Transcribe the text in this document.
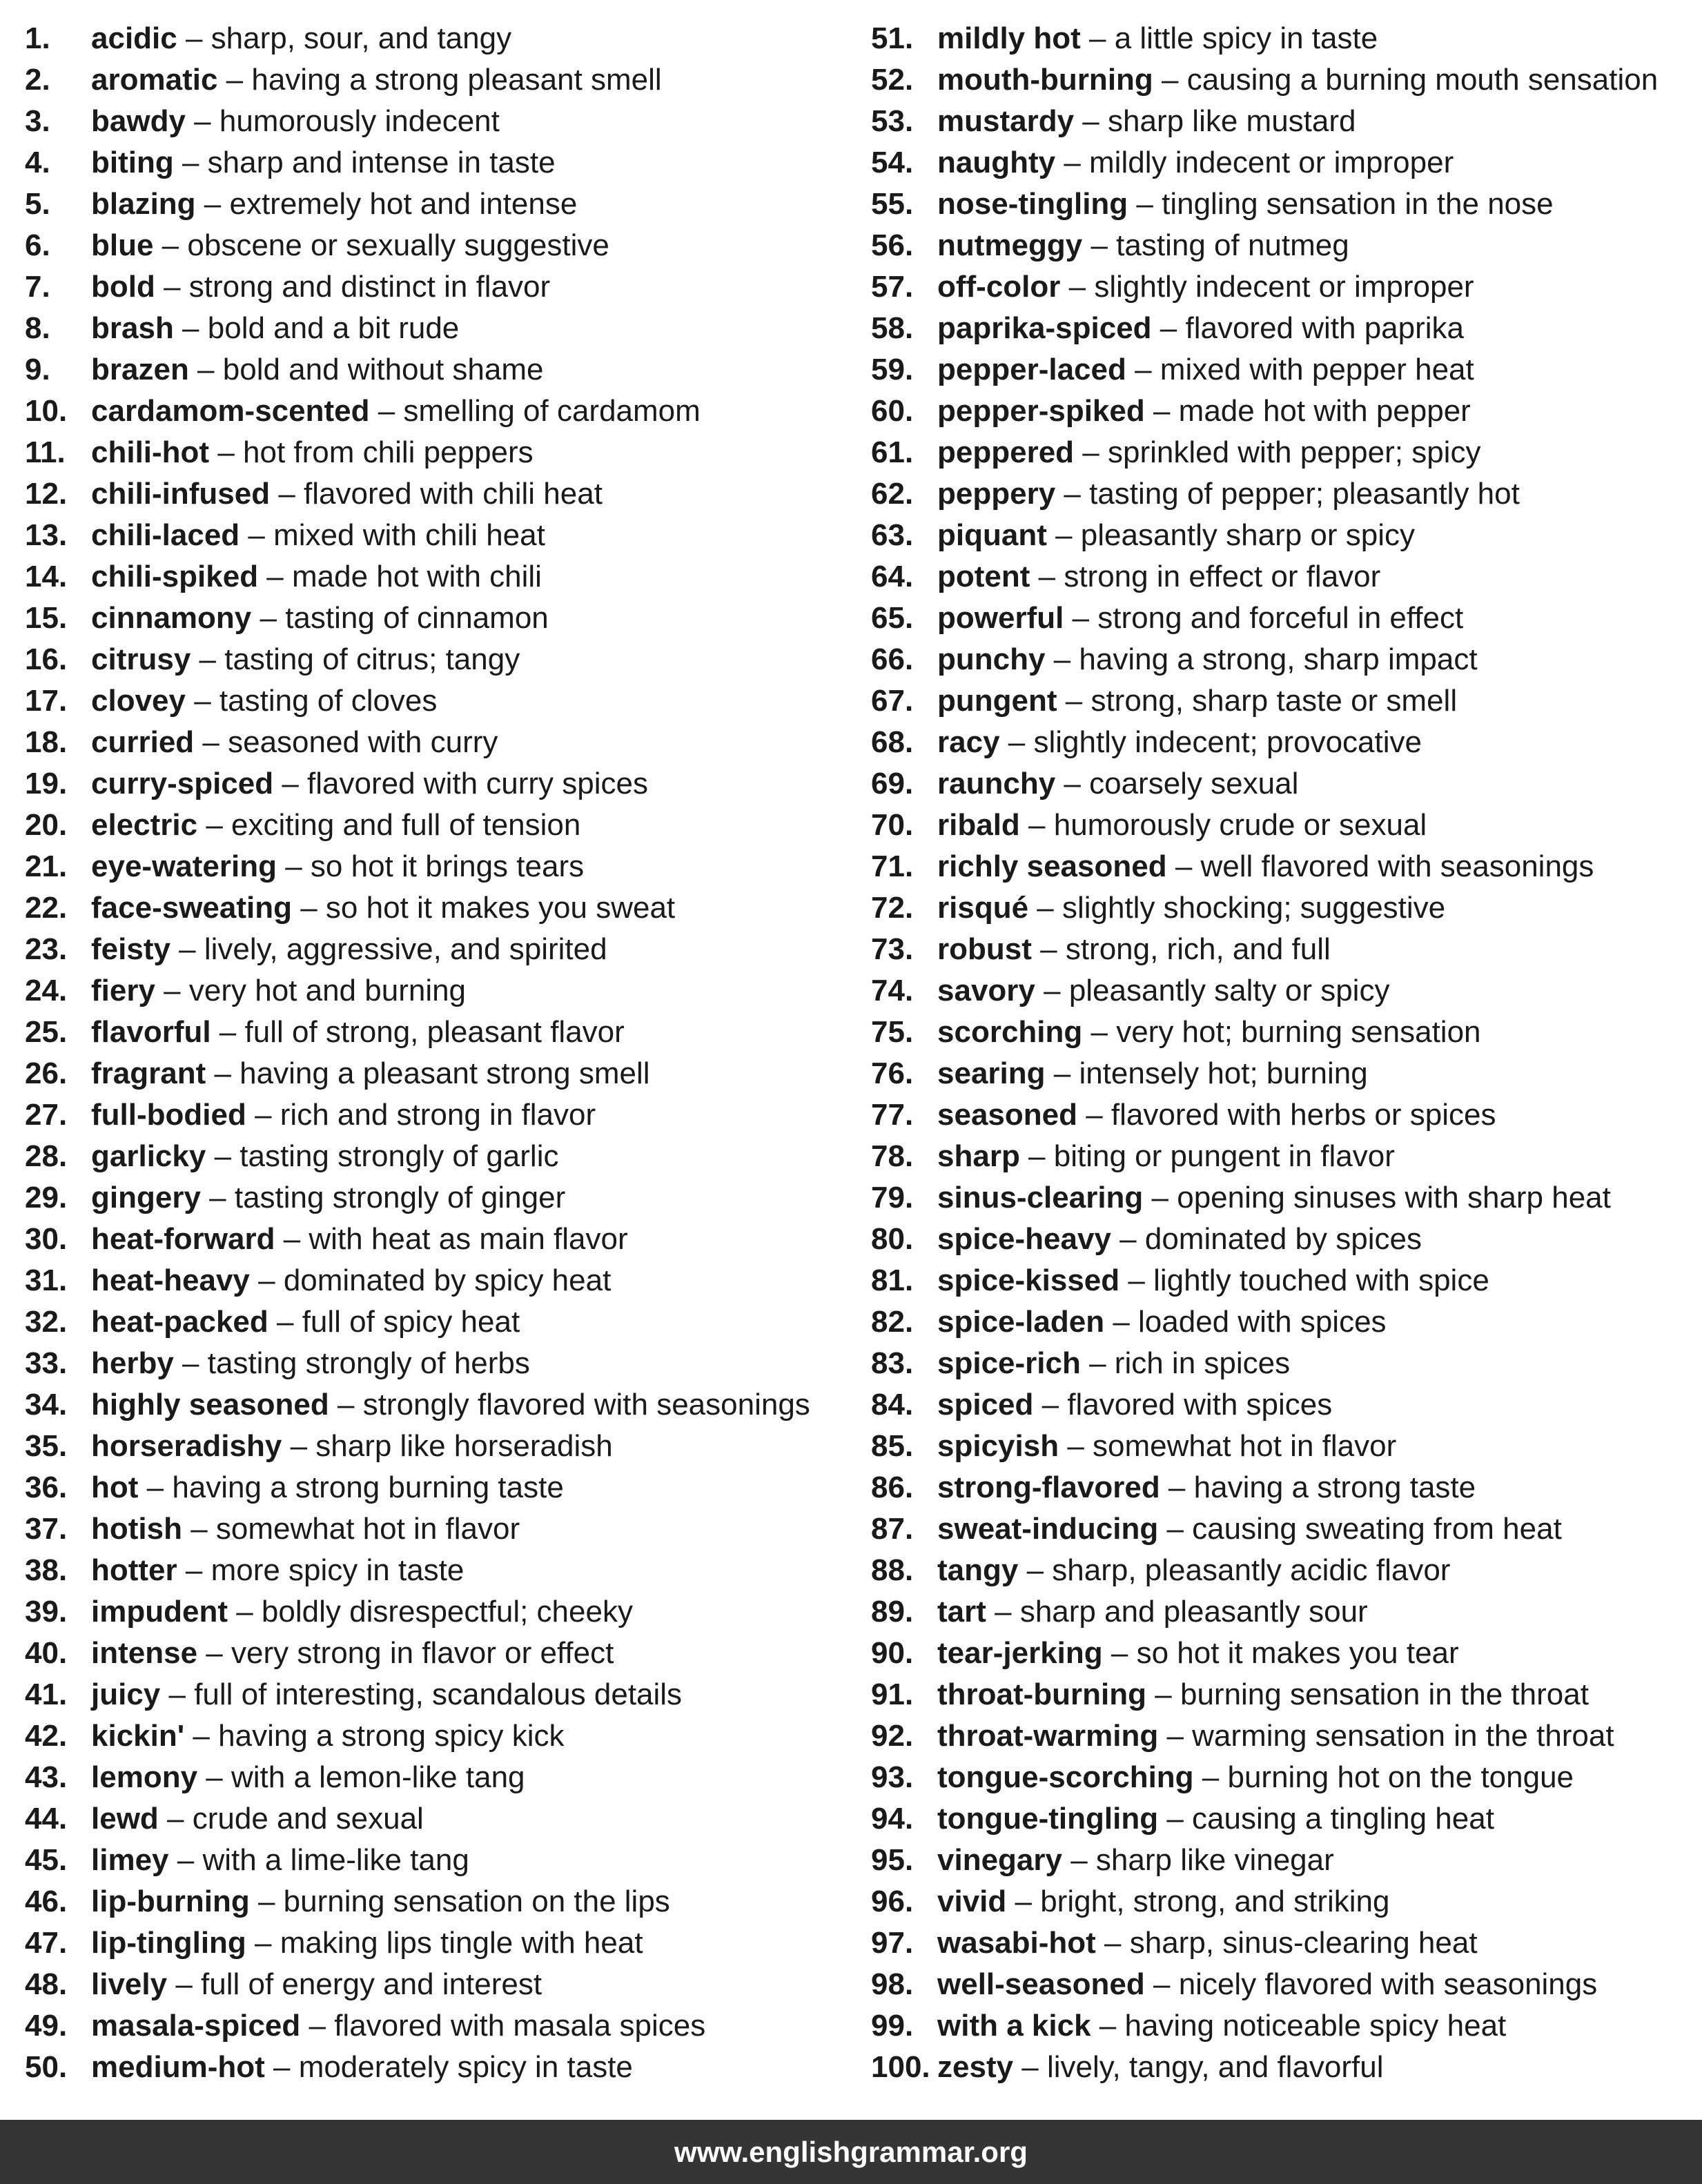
1. acidic – sharp, sour, and tangy
2. aromatic – having a strong pleasant smell
3. bawdy – humorously indecent
4. biting – sharp and intense in taste
5. blazing – extremely hot and intense
6. blue – obscene or sexually suggestive
7. bold – strong and distinct in flavor
8. brash – bold and a bit rude
9. brazen – bold and without shame
10. cardamom-scented – smelling of cardamom
11. chili-hot – hot from chili peppers
12. chili-infused – flavored with chili heat
13. chili-laced – mixed with chili heat
14. chili-spiked – made hot with chili
15. cinnamony – tasting of cinnamon
16. citrusy – tasting of citrus; tangy
17. clovey – tasting of cloves
18. curried – seasoned with curry
19. curry-spiced – flavored with curry spices
20. electric – exciting and full of tension
21. eye-watering – so hot it brings tears
22. face-sweating – so hot it makes you sweat
23. feisty – lively, aggressive, and spirited
24. fiery – very hot and burning
25. flavorful – full of strong, pleasant flavor
26. fragrant – having a pleasant strong smell
27. full-bodied – rich and strong in flavor
28. garlicky – tasting strongly of garlic
29. gingery – tasting strongly of ginger
30. heat-forward – with heat as main flavor
31. heat-heavy – dominated by spicy heat
32. heat-packed – full of spicy heat
33. herby – tasting strongly of herbs
34. highly seasoned – strongly flavored with seasonings
35. horseradishy – sharp like horseradish
36. hot – having a strong burning taste
37. hotish – somewhat hot in flavor
38. hotter – more spicy in taste
39. impudent – boldly disrespectful; cheeky
40. intense – very strong in flavor or effect
41. juicy – full of interesting, scandalous details
42. kickin' – having a strong spicy kick
43. lemony – with a lemon-like tang
44. lewd – crude and sexual
45. limey – with a lime-like tang
46. lip-burning – burning sensation on the lips
47. lip-tingling – making lips tingle with heat
48. lively – full of energy and interest
49. masala-spiced – flavored with masala spices
50. medium-hot – moderately spicy in taste
51. mildly hot – a little spicy in taste
52. mouth-burning – causing a burning mouth sensation
53. mustardy – sharp like mustard
54. naughty – mildly indecent or improper
55. nose-tingling – tingling sensation in the nose
56. nutmeggy – tasting of nutmeg
57. off-color – slightly indecent or improper
58. paprika-spiced – flavored with paprika
59. pepper-laced – mixed with pepper heat
60. pepper-spiked – made hot with pepper
61. peppered – sprinkled with pepper; spicy
62. peppery – tasting of pepper; pleasantly hot
63. piquant – pleasantly sharp or spicy
64. potent – strong in effect or flavor
65. powerful – strong and forceful in effect
66. punchy – having a strong, sharp impact
67. pungent – strong, sharp taste or smell
68. racy – slightly indecent; provocative
69. raunchy – coarsely sexual
70. ribald – humorously crude or sexual
71. richly seasoned – well flavored with seasonings
72. risqué – slightly shocking; suggestive
73. robust – strong, rich, and full
74. savory – pleasantly salty or spicy
75. scorching – very hot; burning sensation
76. searing – intensely hot; burning
77. seasoned – flavored with herbs or spices
78. sharp – biting or pungent in flavor
79. sinus-clearing – opening sinuses with sharp heat
80. spice-heavy – dominated by spices
81. spice-kissed – lightly touched with spice
82. spice-laden – loaded with spices
83. spice-rich – rich in spices
84. spiced – flavored with spices
85. spicyish – somewhat hot in flavor
86. strong-flavored – having a strong taste
87. sweat-inducing – causing sweating from heat
88. tangy – sharp, pleasantly acidic flavor
89. tart – sharp and pleasantly sour
90. tear-jerking – so hot it makes you tear
91. throat-burning – burning sensation in the throat
92. throat-warming – warming sensation in the throat
93. tongue-scorching – burning hot on the tongue
94. tongue-tingling – causing a tingling heat
95. vinegary – sharp like vinegar
96. vivid – bright, strong, and striking
97. wasabi-hot – sharp, sinus-clearing heat
98. well-seasoned – nicely flavored with seasonings
99. with a kick – having noticeable spicy heat
100. zesty – lively, tangy, and flavorful
www.englishgrammar.org
